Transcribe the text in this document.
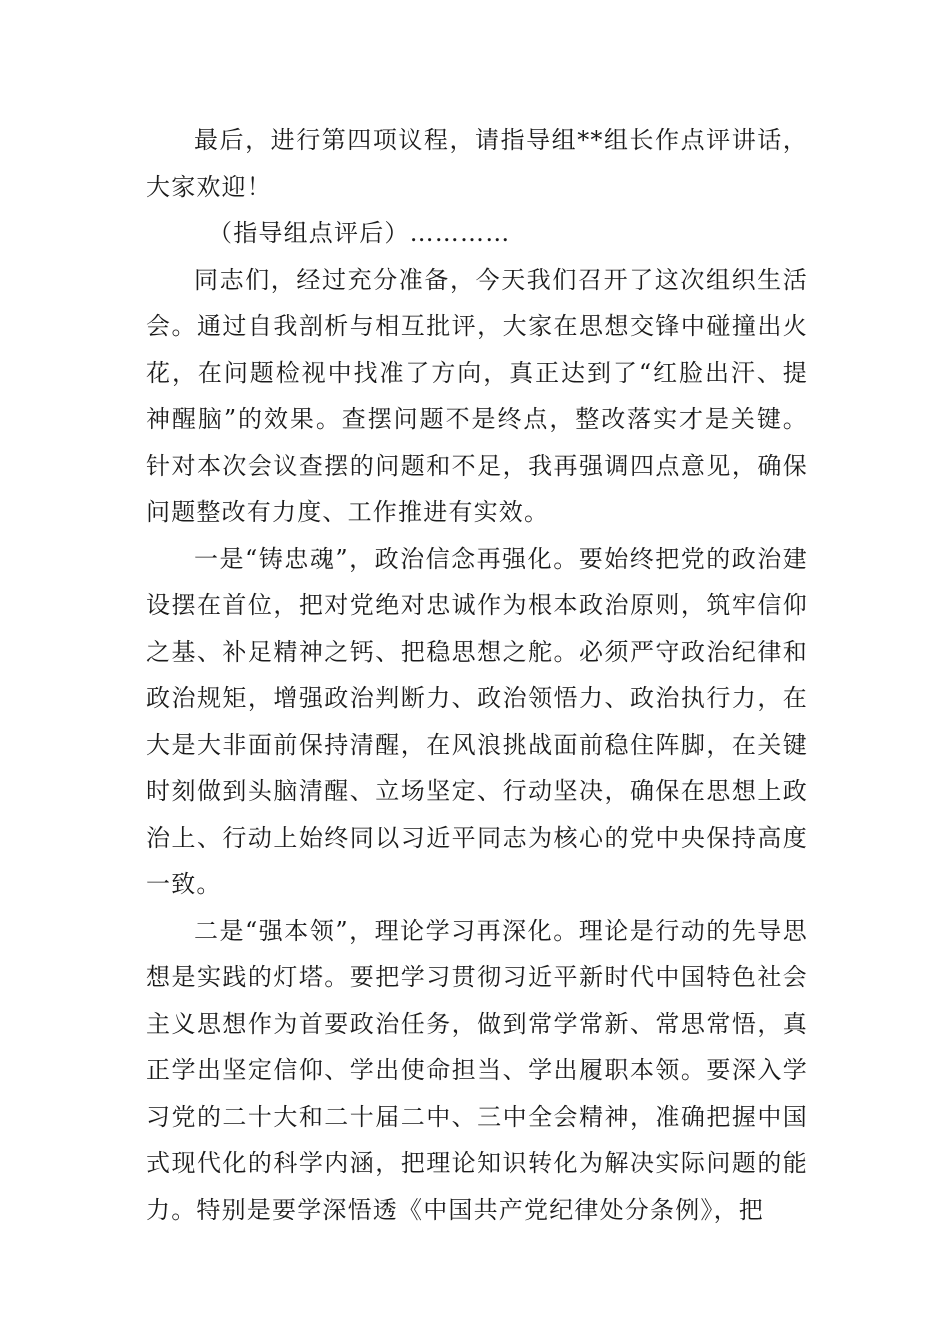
最后，进行第四项议程，请指导组**组长作点评讲话，大家欢迎！

（指导组点评后）…………

同志们，经过充分准备，今天我们召开了这次组织生活会。通过自我剖析与相互批评，大家在思想交锋中碰撞出火花，在问题检视中找准了方向，真正达到了“红脸出汗、提神醒脑”的效果。查摆问题不是终点，整改落实才是关键。针对本次会议查摆的问题和不足，我再强调四点意见，确保问题整改有力度、工作推进有实效。

一是“铸忠魂”，政治信念再强化。要始终把党的政治建设摆在首位，把对党绝对忠诚作为根本政治原则，筑牢信仰之基、补足精神之钙、把稳思想之舵。必须严守政治纪律和政治规矩，增强政治判断力、政治领悟力、政治执行力，在大是大非面前保持清醒，在风浪挑战面前稳住阵脚，在关键时刻做到头脑清醒、立场坚定、行动坚决，确保在思想上政治上、行动上始终同以习近平同志为核心的党中央保持高度一致。

二是“强本领”，理论学习再深化。理论是行动的先导思想是实践的灯塔。要把学习贯彻习近平新时代中国特色社会主义思想作为首要政治任务，做到常学常新、常思常悟，真正学出坚定信仰、学出使命担当、学出履职本领。要深入学习党的二十大和二十届二中、三中全会精神，准确把握中国式现代化的科学内涵，把理论知识转化为解决实际问题的能力。特别是要学深悟透《中国共产党纪律处分条例》，把
